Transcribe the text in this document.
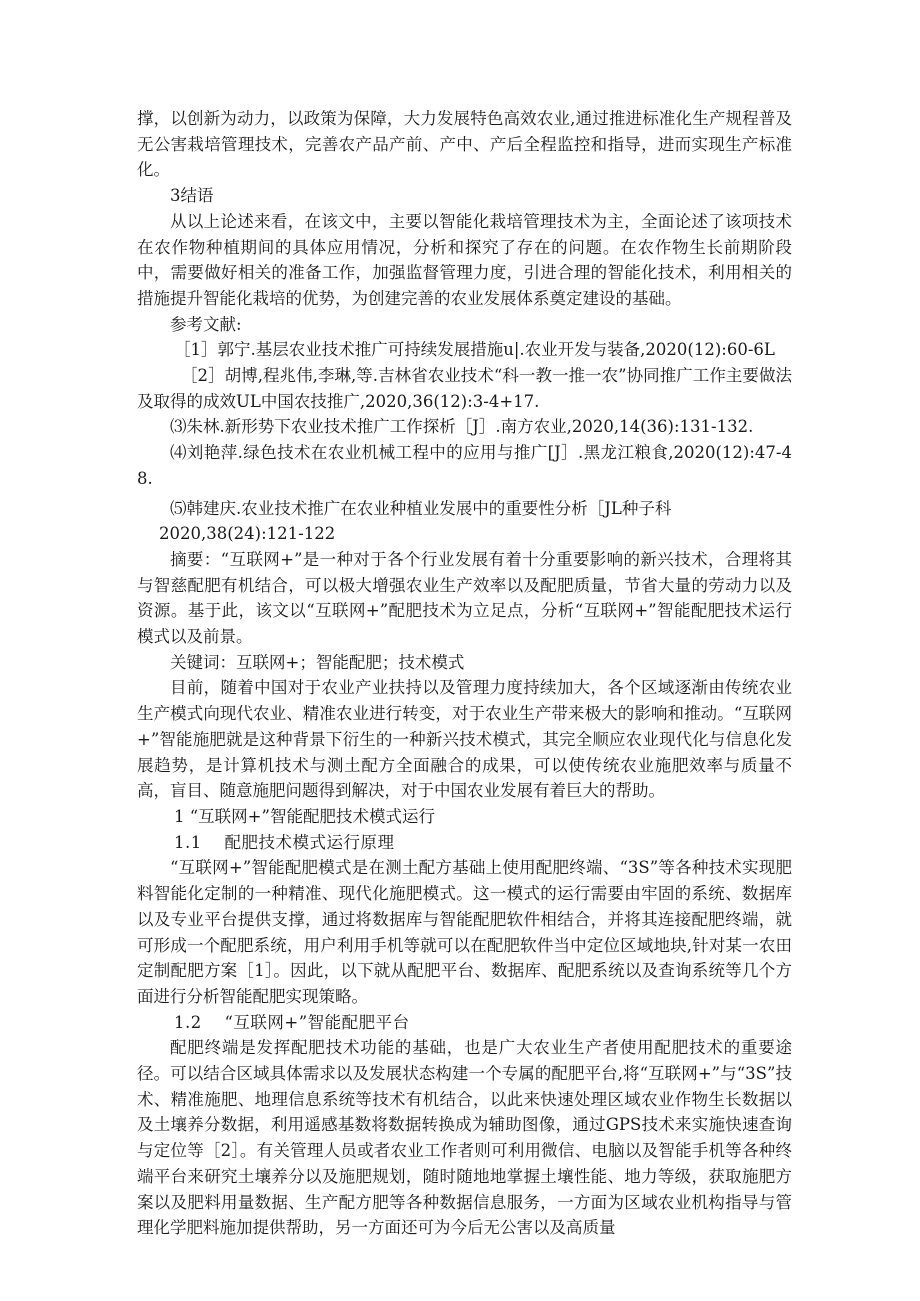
撑，以创新为动力，以政策为保障，大力发展特色高效农业,通过推进标准化生产规程普及无公害栽培管理技术，完善农产品产前、产中、产后全程监控和指导，进而实现生产标准化。

3结语

从以上论述来看，在该文中，主要以智能化栽培管理技术为主，全面论述了该项技术在农作物种植期间的具体应用情况，分析和探究了存在的问题。在农作物生长前期阶段中，需要做好相关的准备工作，加强监督管理力度，引进合理的智能化技术，利用相关的措施提升智能化栽培的优势，为创建完善的农业发展体系奠定建设的基础。

参考文献:

［1］郭宁.基层农业技术推广可持续发展措施u|.农业开发与装备,2020(12):60-6L

［2］胡博,程兆伟,李琳,等.吉林省农业技术“科一教一推一农”协同推广工作主要做法及取得的成效UL中国农技推广,2020,36(12):3-4+17.

⑶朱林.新形势下农业技术推广工作探析［J］.南方农业,2020,14(36):131-132.

⑷刘艳萍.绿色技术在农业机械工程中的应用与推广[J］.黑龙江粮食,2020(12):47-48.

⑸韩建庆.农业技术推广在农业种植业发展中的重要性分析［JL种子科

2020,38(24):121-122

摘要：“互联网+”是一种对于各个行业发展有着十分重要影响的新兴技术，合理将其与智慈配肥有机结合，可以极大增强农业生产效率以及配肥质量，节省大量的劳动力以及资源。基于此，该文以“互联网+”配肥技术为立足点，分析“互联网+”智能配肥技术运行模式以及前景。

关键词：互联网+；智能配肥；技术模式

目前，随着中国对于农业产业扶持以及管理力度持续加大，各个区域逐渐由传统农业生产模式向现代农业、精准农业进行转变，对于农业生产带来极大的影响和推动。“互联网+”智能施肥就是这种背景下衍生的一种新兴技术模式，其完全顺应农业现代化与信息化发展趋势，是计算机技术与测土配方全面融合的成果，可以使传统农业施肥效率与质量不高，盲目、随意施肥问题得到解决，对于中国农业发展有着巨大的帮助。

1 “互联网+”智能配肥技术模式运行

1.1　 配肥技术模式运行原理

“互联网+”智能配肥模式是在测土配方基础上使用配肥终端、“3S”等各种技术实现肥料智能化定制的一种精准、现代化施肥模式。这一模式的运行需要由牢固的系统、数据库以及专业平台提供支撑，通过将数据库与智能配肥软件相结合，并将其连接配肥终端，就可形成一个配肥系统，用户利用手机等就可以在配肥软件当中定位区域地块,针对某一农田定制配肥方案［1］。因此，以下就从配肥平台、数据库、配肥系统以及查询系统等几个方面进行分析智能配肥实现策略。

1.2　 “互联网+”智能配肥平台

配肥终端是发挥配肥技术功能的基础，也是广大农业生产者使用配肥技术的重要途径。可以结合区域具体需求以及发展状态构建一个专属的配肥平台,将“互联网+”与“3S”技术、精准施肥、地理信息系统等技术有机结合，以此来快速处理区域农业作物生长数据以及土壤养分数据，利用遥感基数将数据转换成为辅助图像，通过GPS技术来实施快速查询与定位等［2］。有关管理人员或者农业工作者则可利用微信、电脑以及智能手机等各种终端平台来研究土壤养分以及施肥规划，随时随地地掌握土壤性能、地力等级，获取施肥方案以及肥料用量数据、生产配方肥等各种数据信息服务，一方面为区域农业机构指导与管理化学肥料施加提供帮助，另一方面还可为今后无公害以及高质量
